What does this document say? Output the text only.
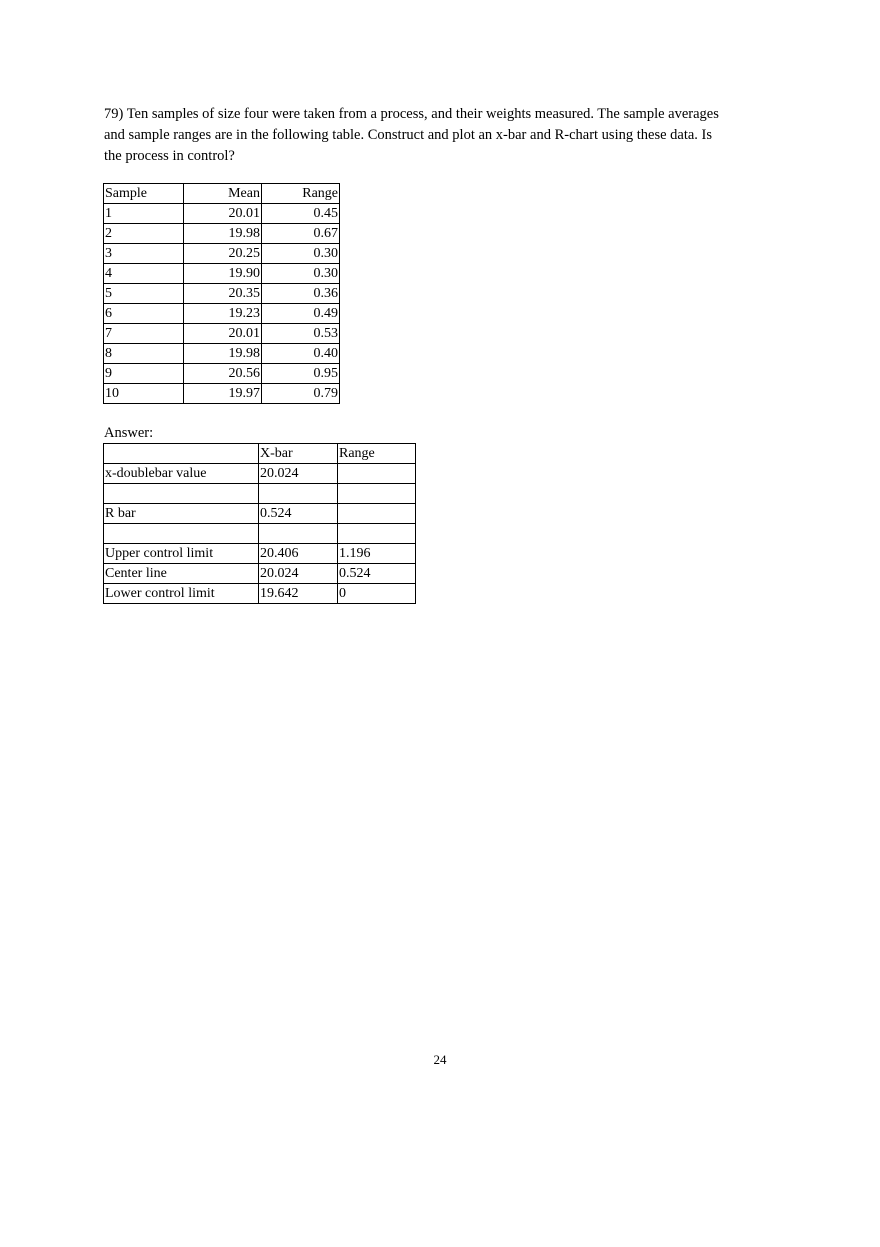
79) Ten samples of size four were taken from a process, and their weights measured. The sample averages and sample ranges are in the following table. Construct and plot an x-bar and R-chart using these data. Is the process in control?

Sample	Mean	Range
1	20.01	0.45
2	19.98	0.67
3	20.25	0.30
4	19.90	0.30
5	20.35	0.36
6	19.23	0.49
7	20.01	0.53
8	19.98	0.40
9	20.56	0.95
10	19.97	0.79

Answer:

	X-bar	Range
x-doublebar value	20.024	

R bar	0.524	

Upper control limit	20.406	1.196
Center line	20.024	0.524
Lower control limit	19.642	0
24
